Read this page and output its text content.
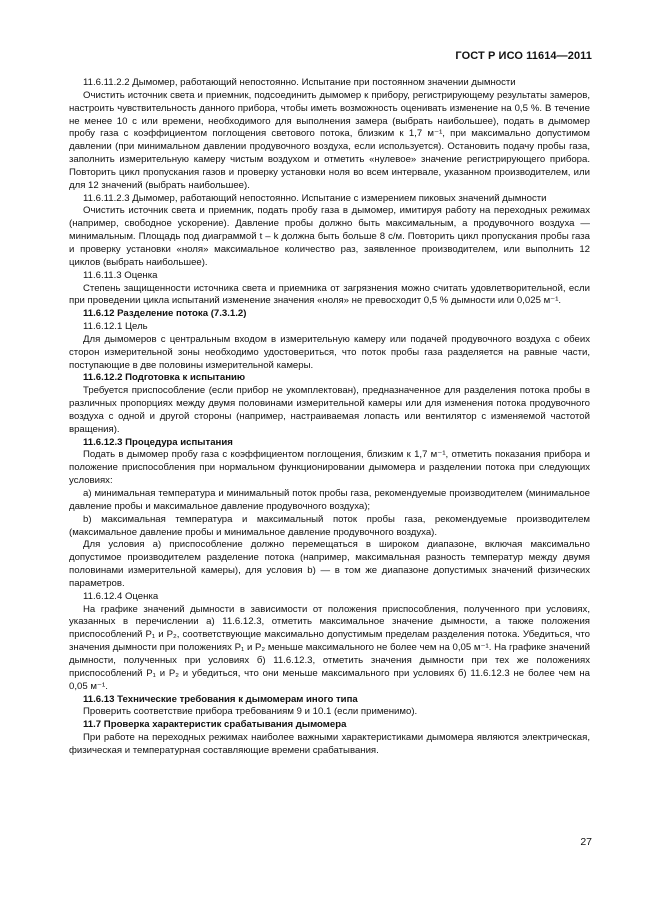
ГОСТ Р ИСО 11614—2011

11.6.11.2.2 Дымомер, работающий непостоянно. Испытание при постоянном значении дымности

Очистить источник света и приемник, подсоединить дымомер к прибору, регистрирующему результаты замеров, настроить чувствительность данного прибора, чтобы иметь возможность оценивать изменение на 0,5 %. В течение не менее 10 с или времени, необходимого для выполнения замера (выбрать наибольшее), подать в дымомер пробу газа с коэффициентом поглощения светового потока, близким к 1,7 м⁻¹, при максимально допустимом давлении (при минимальном давлении продувочного воздуха, если используется). Остановить подачу пробы газа, заполнить измерительную камеру чистым воздухом и отметить «нулевое» значение регистрирующего прибора. Повторить цикл пропускания газов и проверку установки ноля во всем интервале, указанном производителем, или для 12 значений (выбрать наибольшее).

11.6.11.2.3 Дымомер, работающий непостоянно. Испытание с измерением пиковых значений дымности

Очистить источник света и приемник, подать пробу газа в дымомер, имитируя работу на переходных режимах (например, свободное ускорение). Давление пробы должно быть максимальным, а продувочного воздуха — минимальным. Площадь под диаграммой t – k должна быть больше 8 с/м. Повторить цикл пропускания пробы газа и проверку установки «ноля» максимальное количество раз, заявленное производителем, или выполнить 12 циклов (выбрать наибольшее).

11.6.11.3 Оценка

Степень защищенности источника света и приемника от загрязнения можно считать удовлетворительной, если при проведении цикла испытаний изменение значения «ноля» не превосходит 0,5 % дымности или 0,025 м⁻¹.

11.6.12 Разделение потока (7.3.1.2)

11.6.12.1 Цель

Для дымомеров с центральным входом в измерительную камеру или подачей продувочного воздуха с обеих сторон измерительной зоны необходимо удостовериться, что поток пробы газа разделяется на равные части, поступающие в две половины измерительной камеры.

11.6.12.2 Подготовка к испытанию

Требуется приспособление (если прибор не укомплектован), предназначенное для разделения потока пробы в различных пропорциях между двумя половинами измерительной камеры или для изменения потока продувочного воздуха с одной и другой стороны (например, настраиваемая лопасть или вентилятор с изменяемой частотой вращения).

11.6.12.3 Процедура испытания

Подать в дымомер пробу газа с коэффициентом поглощения, близким к 1,7 м⁻¹, отметить показания прибора и положение приспособления при нормальном функционировании дымомера и разделении потока при следующих условиях:

a) минимальная температура и минимальный поток пробы газа, рекомендуемые производителем (минимальное давление пробы и максимальное давление продувочного воздуха);

b) максимальная температура и максимальный поток пробы газа, рекомендуемые производителем (максимальное давление пробы и минимальное давление продувочного воздуха).

Для условия а) приспособление должно перемещаться в широком диапазоне, включая максимально допустимое производителем разделение потока (например, максимальная разность температур между двумя половинами измерительной камеры), для условия b) — в том же диапазоне допустимых значений физических параметров.

11.6.12.4 Оценка

На графике значений дымности в зависимости от положения приспособления, полученного при условиях, указанных в перечислении а) 11.6.12.3, отметить максимальное значение дымности, а также положения приспособлений P₁ и P₂, соответствующие максимально допустимым пределам разделения потока. Убедиться, что значения дымности при положениях P₁ и P₂ меньше максимального не более чем на 0,05 м⁻¹. На графике значений дымности, полученных при условиях б) 11.6.12.3, отметить значения дымности при тех же положениях приспособлений P₁ и P₂ и убедиться, что они меньше максимального при условиях б) 11.6.12.3 не более чем на 0,05 м⁻¹.

11.6.13 Технические требования к дымомерам иного типа

Проверить соответствие прибора требованиям 9 и 10.1 (если применимо).

11.7 Проверка характеристик срабатывания дымомера

При работе на переходных режимах наиболее важными характеристиками дымомера являются электрическая, физическая и температурная составляющие времени срабатывания.

27
